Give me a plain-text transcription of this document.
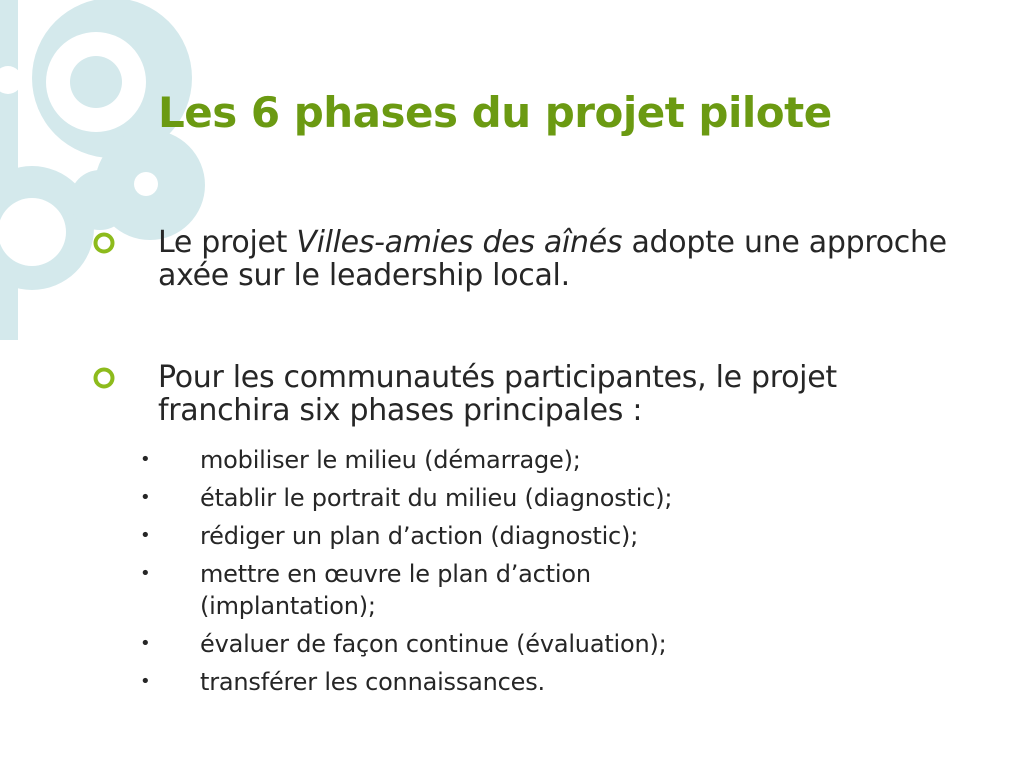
Les 6 phases du projet pilote
Le projet Villes-amies des aînés adopte une approche axée sur le leadership local.
Pour les communautés participantes, le projet franchira six phases principales :
• mobiliser le milieu (démarrage);
• établir le portrait du milieu (diagnostic);
• rédiger un plan d’action (diagnostic);
• mettre en œuvre le plan d’action (implantation);
• évaluer de façon continue (évaluation);
• transférer les connaissances.
